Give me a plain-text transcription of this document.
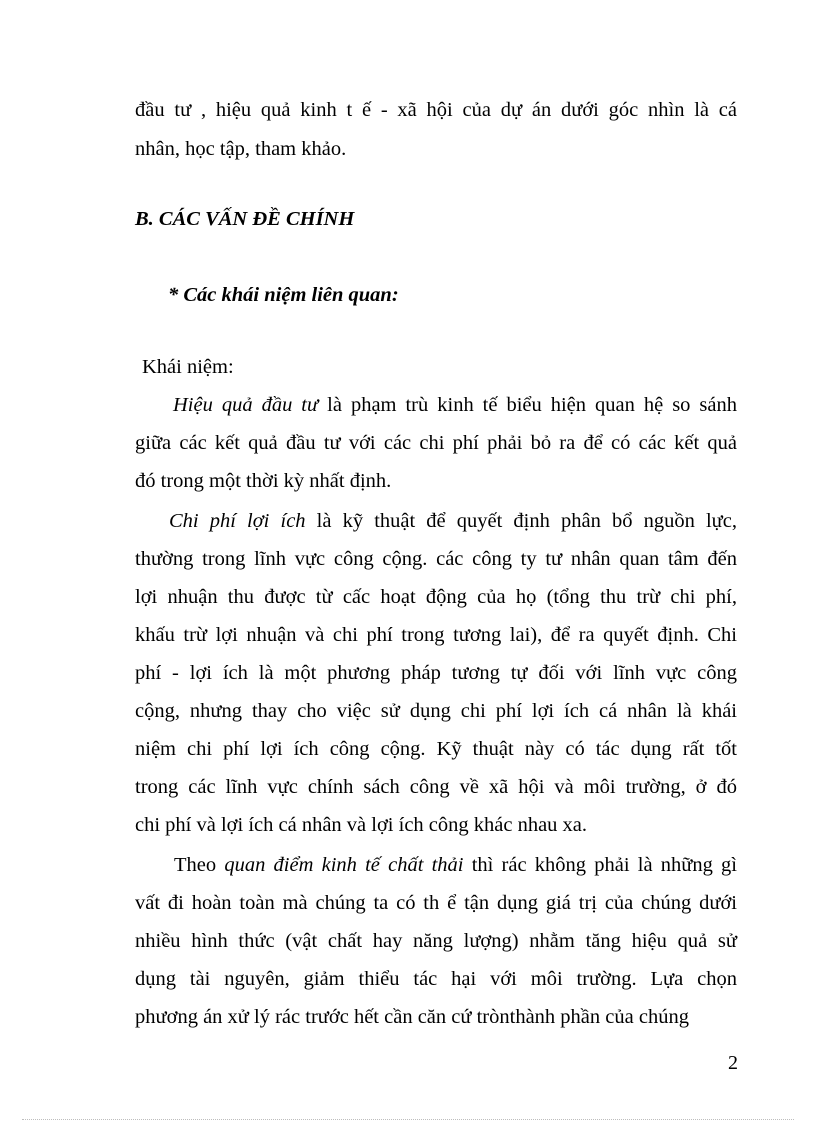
đầu tư , hiệu quả kinh t ế - xã hội của dự án dưới góc nhìn là cá
nhân, học tập, tham khảo.
B. CÁC VẤN ĐỀ CHÍNH
* Các khái niệm liên quan:
Khái niệm:
Hiệu quả đầu tư là phạm trù kinh tế biểu hiện quan hệ so sánh
giữa các kết quả đầu tư với các chi phí phải bỏ ra để có các kết quả
đó trong một thời kỳ nhất định.
Chi phí lợi ích là kỹ thuật để quyết định phân bổ nguồn lực,
thường trong lĩnh vực công cộng. các công ty tư nhân quan tâm đến
lợi nhuận thu được từ cấc hoạt động của họ (tổng thu trừ chi phí,
khấu trừ lợi nhuận và chi phí trong tương lai), để ra quyết định. Chi
phí - lợi ích là một phương pháp tương tự đối với lĩnh vực công
cộng, nhưng thay cho việc sử dụng chi phí lợi ích cá nhân là khái
niệm chi phí lợi ích công cộng. Kỹ thuật này có tác dụng rất tốt
trong các lĩnh vực chính sách công về xã hội và môi trường, ở đó
chi phí và lợi ích cá nhân và lợi ích công khác nhau xa.
Theo quan điểm kinh tế chất thải thì rác không phải là những gì
vất đi hoàn toàn mà chúng ta có th ể tận dụng giá trị của chúng dưới
nhiều hình thức (vật chất hay năng lượng) nhằm tăng hiệu quả sử
dụng tài nguyên, giảm thiểu tác hại với môi trường. Lựa chọn
phương án xử lý rác trước hết cần căn cứ trònthành phần của chúng
2
